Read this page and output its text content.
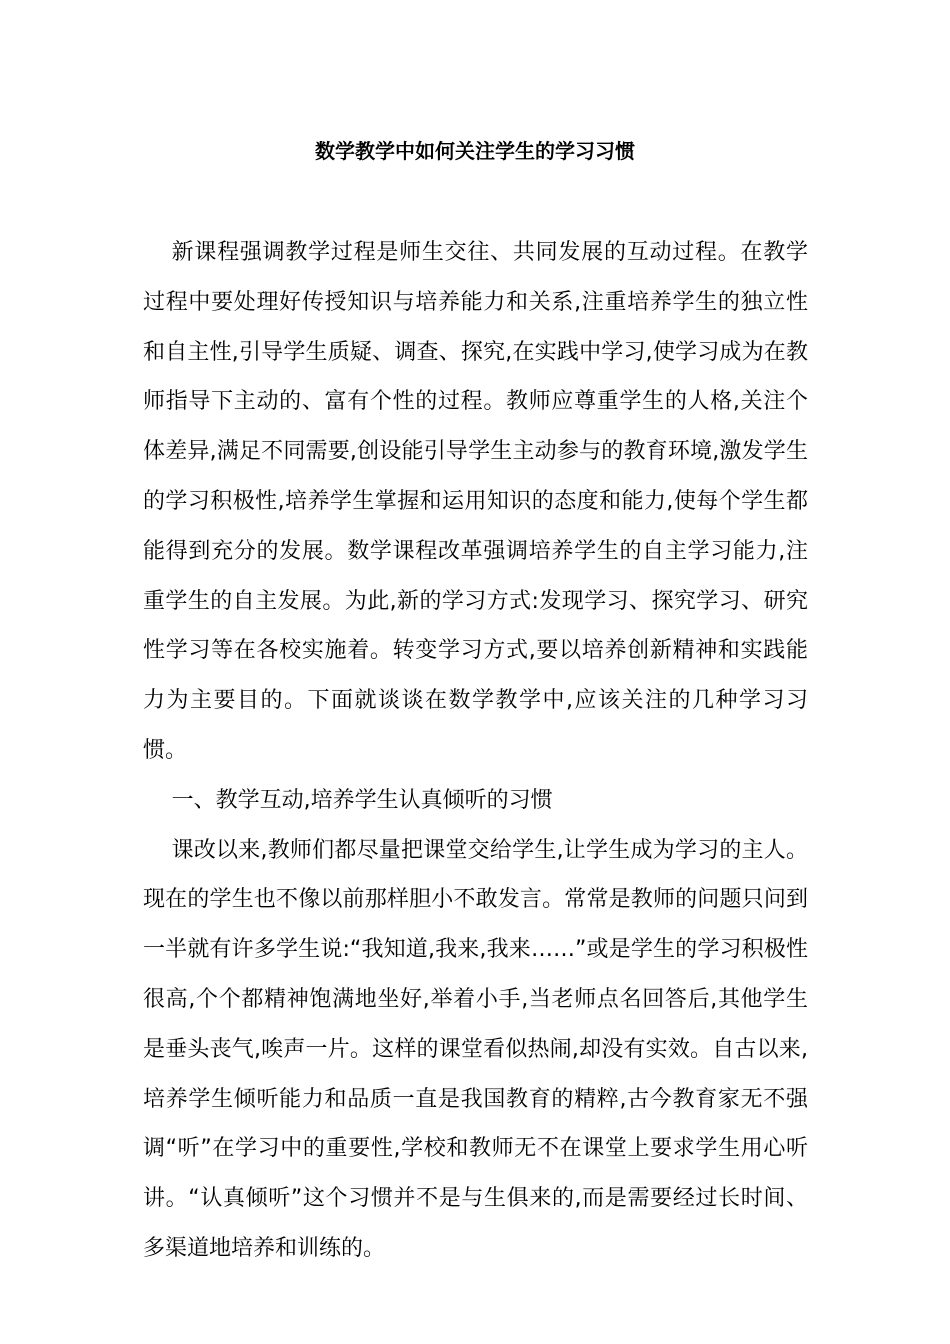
数学教学中如何关注学生的学习习惯

新课程强调教学过程是师生交往、共同发展的互动过程。在教学过程中要处理好传授知识与培养能力和关系,注重培养学生的独立性和自主性,引导学生质疑、调查、探究,在实践中学习,使学习成为在教师指导下主动的、富有个性的过程。教师应尊重学生的人格,关注个体差异,满足不同需要,创设能引导学生主动参与的教育环境,激发学生的学习积极性,培养学生掌握和运用知识的态度和能力,使每个学生都能得到充分的发展。数学课程改革强调培养学生的自主学习能力,注重学生的自主发展。为此,新的学习方式:发现学习、探究学习、研究性学习等在各校实施着。转变学习方式,要以培养创新精神和实践能力为主要目的。下面就谈谈在数学教学中,应该关注的几种学习习惯。

一、教学互动,培养学生认真倾听的习惯

课改以来,教师们都尽量把课堂交给学生,让学生成为学习的主人。现在的学生也不像以前那样胆小不敢发言。常常是教师的问题只问到一半就有许多学生说:“我知道,我来,我来……”或是学生的学习积极性很高,个个都精神饱满地坐好,举着小手,当老师点名回答后,其他学生是垂头丧气,唉声一片。这样的课堂看似热闹,却没有实效。自古以来,培养学生倾听能力和品质一直是我国教育的精粹,古今教育家无不强调“听”在学习中的重要性,学校和教师无不在课堂上要求学生用心听讲。“认真倾听”这个习惯并不是与生俱来的,而是需要经过长时间、多渠道地培养和训练的。
